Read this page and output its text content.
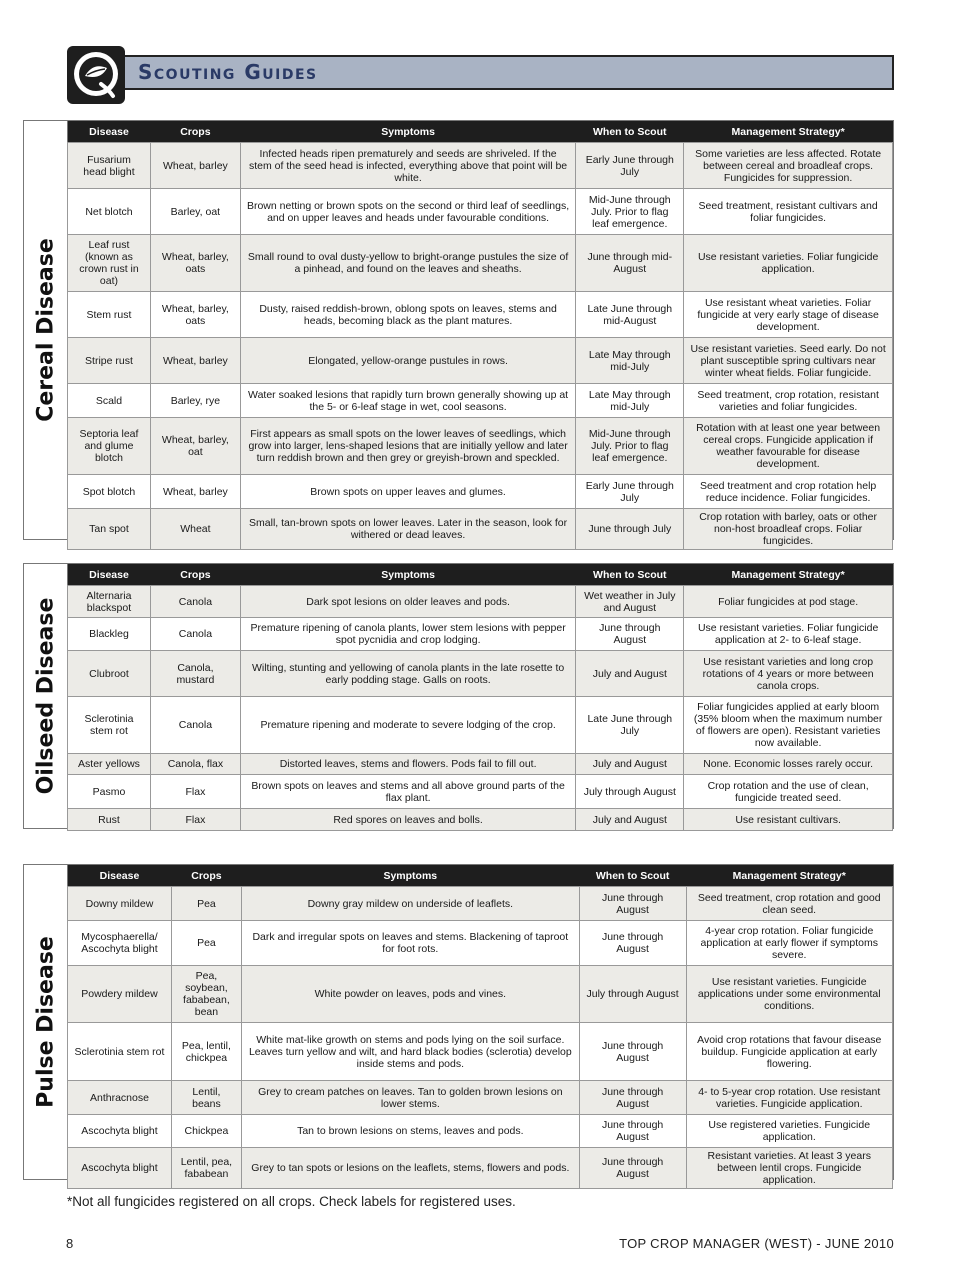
Scouting Guides
Cereal Disease
Disease	Crops	Symptoms	When to Scout	Management Strategy*
Fusarium head blight	Wheat, barley	Infected heads ripen prematurely and seeds are shriveled. If the stem of the seed head is infected, everything above that point will be white.	Early June through July	Some varieties are less affected. Rotate between cereal and broadleaf crops. Fungicides for suppression.
Net blotch	Barley, oat	Brown netting or brown spots on the second or third leaf of seedlings, and on upper leaves and heads under favourable conditions.	Mid-June through July. Prior to flag leaf emergence.	Seed treatment, resistant cultivars and foliar fungicides.
Leaf rust (known as crown rust in oat)	Wheat, barley, oats	Small round to oval dusty-yellow to bright-orange pustules the size of a pinhead, and found on the leaves and sheaths.	June through mid-August	Use resistant varieties. Foliar fungicide application.
Stem rust	Wheat, barley, oats	Dusty, raised reddish-brown, oblong spots on leaves, stems and heads, becoming black as the plant matures.	Late June through mid-August	Use resistant wheat varieties. Foliar fungicide at very early stage of disease development.
Stripe rust	Wheat, barley	Elongated, yellow-orange pustules in rows.	Late May through mid-July	Use resistant varieties. Seed early. Do not plant susceptible spring cultivars near winter wheat fields. Foliar fungicide.
Scald	Barley, rye	Water soaked lesions that rapidly turn brown generally showing up at the 5- or 6-leaf stage in wet, cool seasons.	Late May through mid-July	Seed treatment, crop rotation, resistant varieties and foliar fungicides.
Septoria leaf and glume blotch	Wheat, barley, oat	First appears as small spots on the lower leaves of seedlings, which grow into larger, lens-shaped lesions that are initially yellow and later turn reddish brown and then grey or greyish-brown and speckled.	Mid-June through July. Prior to flag leaf emergence.	Rotation with at least one year between cereal crops. Fungicide application if weather favourable for disease development.
Spot blotch	Wheat, barley	Brown spots on upper leaves and glumes.	Early June through July	Seed treatment and crop rotation help reduce incidence. Foliar fungicides.
Tan spot	Wheat	Small, tan-brown spots on lower leaves. Later in the season, look for withered or dead leaves.	June through July	Crop rotation with barley, oats or other non-host broadleaf crops. Foliar fungicides.
Oilseed Disease
Disease	Crops	Symptoms	When to Scout	Management Strategy*
Alternaria blackspot	Canola	Dark spot lesions on older leaves and pods.	Wet weather in July and August	Foliar fungicides at pod stage.
Blackleg	Canola	Premature ripening of canola plants, lower stem lesions with pepper spot pycnidia and crop lodging.	June through August	Use resistant varieties. Foliar fungicide application at 2- to 6-leaf stage.
Clubroot	Canola, mustard	Wilting, stunting and yellowing of canola plants in the late rosette to early podding stage. Galls on roots.	July and August	Use resistant varieties and long crop rotations of 4 years or more between canola crops.
Sclerotinia stem rot	Canola	Premature ripening and moderate to severe lodging of the crop.	Late June through July	Foliar fungicides applied at early bloom (35% bloom when the maximum number of flowers are open). Resistant varieties now available.
Aster yellows	Canola, flax	Distorted leaves, stems and flowers. Pods fail to fill out.	July and August	None. Economic losses rarely occur.
Pasmo	Flax	Brown spots on leaves and stems and all above ground parts of the flax plant.	July through August	Crop rotation and the use of clean, fungicide treated seed.
Rust	Flax	Red spores on leaves and bolls.	July and August	Use resistant cultivars.
Pulse Disease
Disease	Crops	Symptoms	When to Scout	Management Strategy*
Downy mildew	Pea	Downy gray mildew on underside of leaflets.	June through August	Seed treatment, crop rotation and good clean seed.
Mycosphaerella/ Ascochyta blight	Pea	Dark and irregular spots on leaves and stems. Blackening of taproot for foot rots.	June through August	4-year crop rotation. Foliar fungicide application at early flower if symptoms severe.
Powdery mildew	Pea, soybean, fababean, bean	White powder on leaves, pods and vines.	July through August	Use resistant varieties. Fungicide applications under some environmental conditions.
Sclerotinia stem rot	Pea, lentil, chickpea	White mat-like growth on stems and pods lying on the soil surface. Leaves turn yellow and wilt, and hard black bodies (sclerotia) develop inside stems and pods.	June through August	Avoid crop rotations that favour disease buildup. Fungicide application at early flowering.
Anthracnose	Lentil, beans	Grey to cream patches on leaves. Tan to golden brown lesions on lower stems.	June through August	4- to 5-year crop rotation. Use resistant varieties. Fungicide application.
Ascochyta blight	Chickpea	Tan to brown lesions on stems, leaves and pods.	June through August	Use registered varieties. Fungicide application.
Ascochyta blight	Lentil, pea, fababean	Grey to tan spots or lesions on the leaflets, stems, flowers and pods.	June through August	Resistant varieties. At least 3 years between lentil crops. Fungicide application.
*Not all fungicides registered on all crops. Check labels for registered uses.
8	TOP CROP MANAGER (WEST) - JUNE 2010
